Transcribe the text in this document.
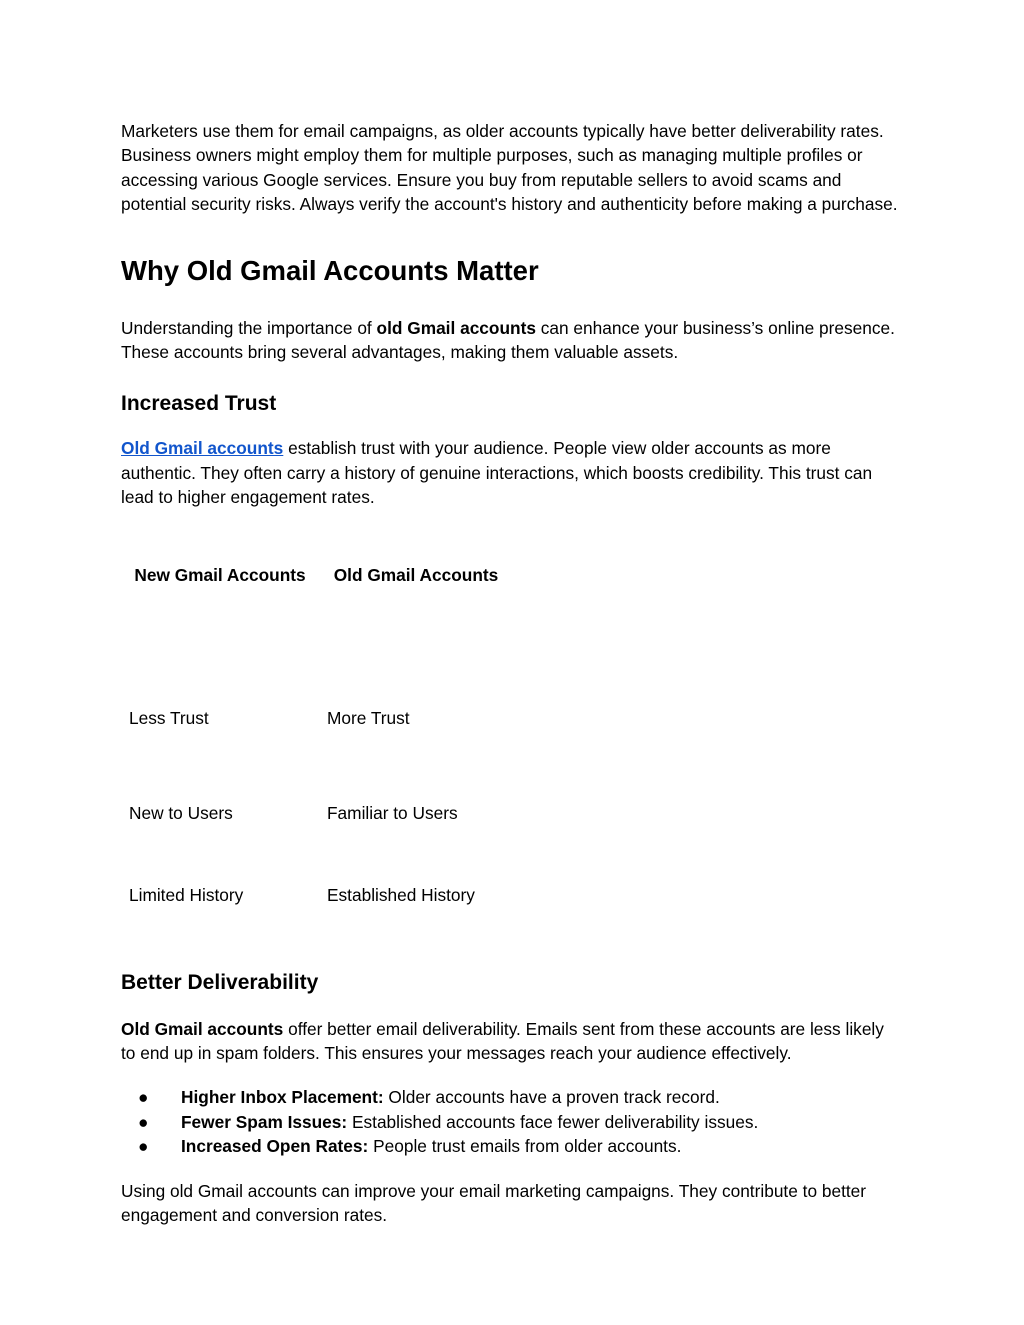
Marketers use them for email campaigns, as older accounts typically have better deliverability rates. Business owners might employ them for multiple purposes, such as managing multiple profiles or accessing various Google services. Ensure you buy from reputable sellers to avoid scams and potential security risks. Always verify the account's history and authenticity before making a purchase.

Why Old Gmail Accounts Matter

Understanding the importance of old Gmail accounts can enhance your business’s online presence. These accounts bring several advantages, making them valuable assets.

Increased Trust

Old Gmail accounts establish trust with your audience. People view older accounts as more authentic. They often carry a history of genuine interactions, which boosts credibility. This trust can lead to higher engagement rates.

New Gmail Accounts	Old Gmail Accounts
Less Trust	More Trust
New to Users	Familiar to Users
Limited History	Established History
Better Deliverability

Old Gmail accounts offer better email deliverability. Emails sent from these accounts are less likely to end up in spam folders. This ensures your messages reach your audience effectively.

● Higher Inbox Placement: Older accounts have a proven track record.
● Fewer Spam Issues: Established accounts face fewer deliverability issues.
● Increased Open Rates: People trust emails from older accounts.

Using old Gmail accounts can improve your email marketing campaigns. They contribute to better engagement and conversion rates.
